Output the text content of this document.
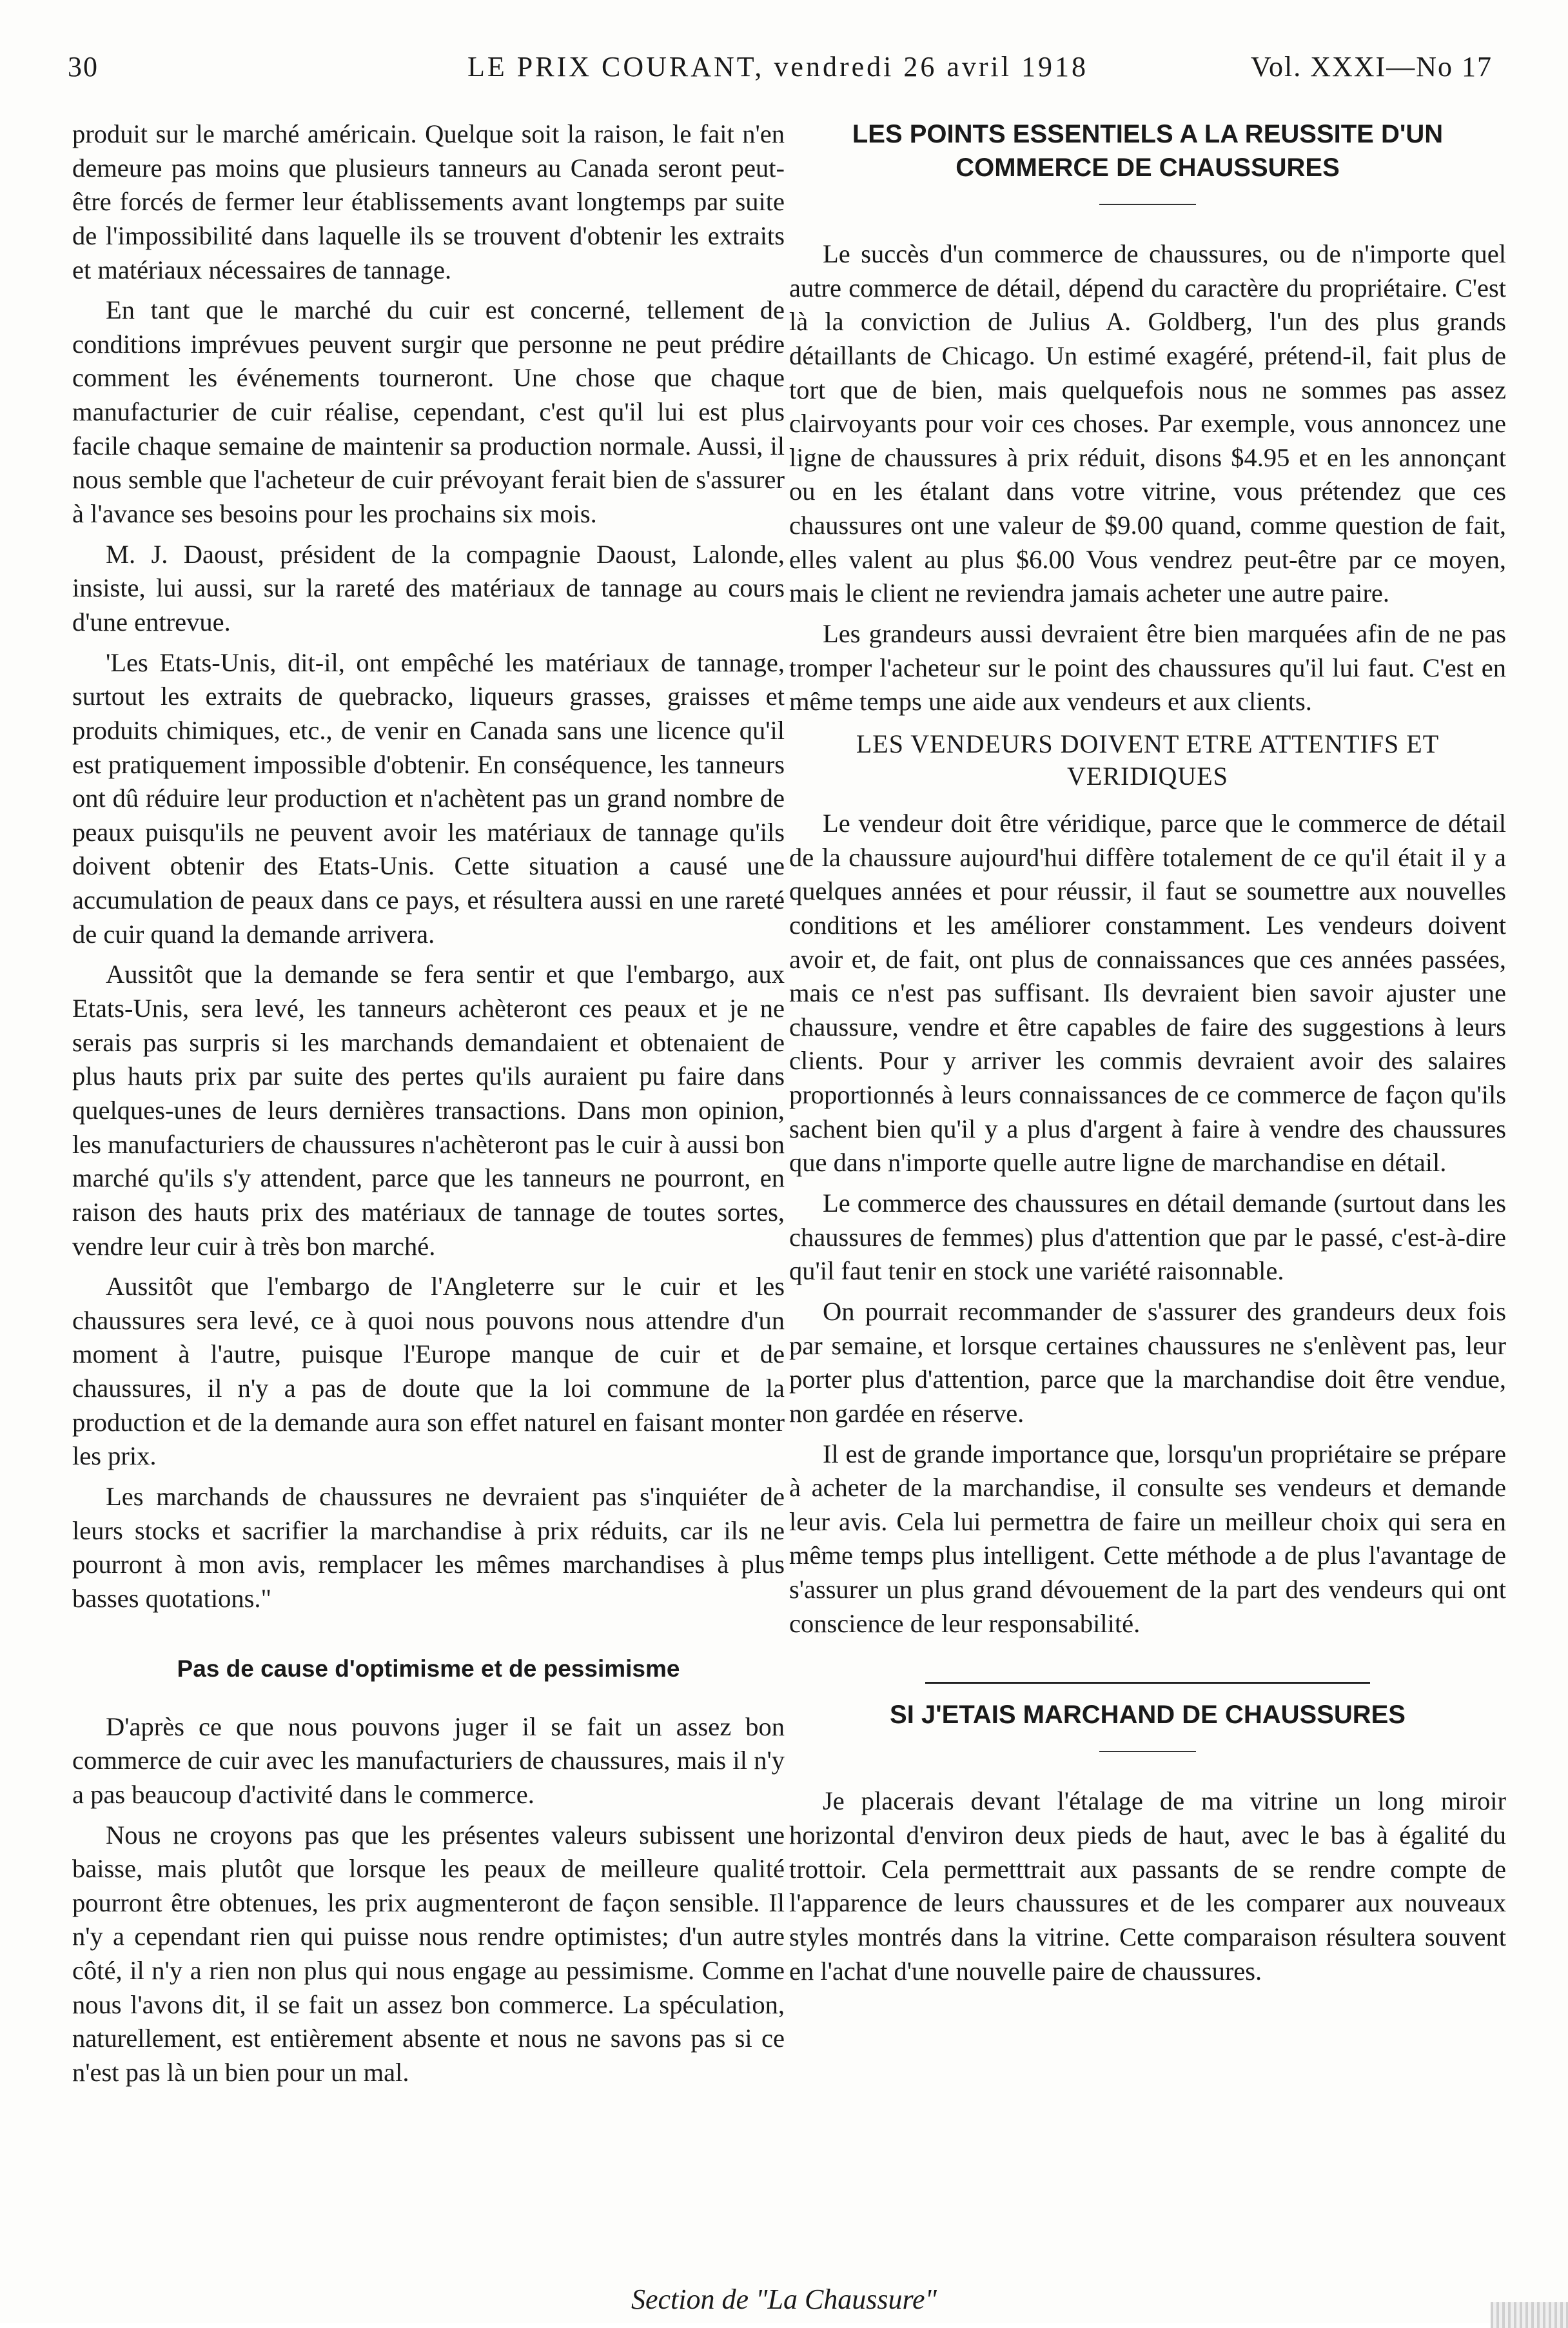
30	LE PRIX COURANT, vendredi 26 avril 1918	Vol. XXXI—No 17

produit sur le marché américain. Quelque soit la raison, le fait n'en demeure pas moins que plusieurs tanneurs au Canada seront peut-être forcés de fermer leur établissements avant longtemps par suite de l'impossibilité dans laquelle ils se trouvent d'obtenir les extraits et matériaux nécessaires de tannage.

En tant que le marché du cuir est concerné, tellement de conditions imprévues peuvent surgir que personne ne peut prédire comment les événements tourneront. Une chose que chaque manufacturier de cuir réalise, cependant, c'est qu'il lui est plus facile chaque semaine de maintenir sa production normale. Aussi, il nous semble que l'acheteur de cuir prévoyant ferait bien de s'assurer à l'avance ses besoins pour les prochains six mois.

M. J. Daoust, président de la compagnie Daoust, Lalonde, insiste, lui aussi, sur la rareté des matériaux de tannage au cours d'une entrevue.

'Les Etats-Unis, dit-il, ont empêché les matériaux de tannage, surtout les extraits de quebracko, liqueurs grasses, graisses et produits chimiques, etc., de venir en Canada sans une licence qu'il est pratiquement impossible d'obtenir. En conséquence, les tanneurs ont dû réduire leur production et n'achètent pas un grand nombre de peaux puisqu'ils ne peuvent avoir les matériaux de tannage qu'ils doivent obtenir des Etats-Unis. Cette situation a causé une accumulation de peaux dans ce pays, et résultera aussi en une rareté de cuir quand la demande arrivera.

Aussitôt que la demande se fera sentir et que l'embargo, aux Etats-Unis, sera levé, les tanneurs achèteront ces peaux et je ne serais pas surpris si les marchands demandaient et obtenaient de plus hauts prix par suite des pertes qu'ils auraient pu faire dans quelques-unes de leurs dernières transactions. Dans mon opinion, les manufacturiers de chaussures n'achèteront pas le cuir à aussi bon marché qu'ils s'y attendent, parce que les tanneurs ne pourront, en raison des hauts prix des matériaux de tannage de toutes sortes, vendre leur cuir à très bon marché.

Aussitôt que l'embargo de l'Angleterre sur le cuir et les chaussures sera levé, ce à quoi nous pouvons nous attendre d'un moment à l'autre, puisque l'Europe manque de cuir et de chaussures, il n'y a pas de doute que la loi commune de la production et de la demande aura son effet naturel en faisant monter les prix.

Les marchands de chaussures ne devraient pas s'inquiéter de leurs stocks et sacrifier la marchandise à prix réduits, car ils ne pourront à mon avis, remplacer les mêmes marchandises à plus basses quotations."

Pas de cause d'optimisme et de pessimisme

D'après ce que nous pouvons juger il se fait un assez bon commerce de cuir avec les manufacturiers de chaussures, mais il n'y a pas beaucoup d'activité dans le commerce.

Nous ne croyons pas que les présentes valeurs subissent une baisse, mais plutôt que lorsque les peaux de meilleure qualité pourront être obtenues, les prix augmenteront de façon sensible. Il n'y a cependant rien qui puisse nous rendre optimistes; d'un autre côté, il n'y a rien non plus qui nous engage au pessimisme. Comme nous l'avons dit, il se fait un assez bon commerce. La spéculation, naturellement, est entièrement absente et nous ne savons pas si ce n'est pas là un bien pour un mal.

LES POINTS ESSENTIELS A LA REUSSITE D'UN COMMERCE DE CHAUSSURES

Le succès d'un commerce de chaussures, ou de n'importe quel autre commerce de détail, dépend du caractère du propriétaire. C'est là la conviction de Julius A. Goldberg, l'un des plus grands détaillants de Chicago. Un estimé exagéré, prétend-il, fait plus de tort que de bien, mais quelquefois nous ne sommes pas assez clairvoyants pour voir ces choses. Par exemple, vous annoncez une ligne de chaussures à prix réduit, disons $4.95 et en les annonçant ou en les étalant dans votre vitrine, vous prétendez que ces chaussures ont une valeur de $9.00 quand, comme question de fait, elles valent au plus $6.00 Vous vendrez peut-être par ce moyen, mais le client ne reviendra jamais acheter une autre paire.

Les grandeurs aussi devraient être bien marquées afin de ne pas tromper l'acheteur sur le point des chaussures qu'il lui faut. C'est en même temps une aide aux vendeurs et aux clients.

LES VENDEURS DOIVENT ETRE ATTENTIFS ET VERIDIQUES

Le vendeur doit être véridique, parce que le commerce de détail de la chaussure aujourd'hui diffère totalement de ce qu'il était il y a quelques années et pour réussir, il faut se soumettre aux nouvelles conditions et les améliorer constamment. Les vendeurs doivent avoir et, de fait, ont plus de connaissances que ces années passées, mais ce n'est pas suffisant. Ils devraient bien savoir ajuster une chaussure, vendre et être capables de faire des suggestions à leurs clients. Pour y arriver les commis devraient avoir des salaires proportionnés à leurs connaissances de ce commerce de façon qu'ils sachent bien qu'il y a plus d'argent à faire à vendre des chaussures que dans n'importe quelle autre ligne de marchandise en détail.

Le commerce des chaussures en détail demande (surtout dans les chaussures de femmes) plus d'attention que par le passé, c'est-à-dire qu'il faut tenir en stock une variété raisonnable.

On pourrait recommander de s'assurer des grandeurs deux fois par semaine, et lorsque certaines chaussures ne s'enlèvent pas, leur porter plus d'attention, parce que la marchandise doit être vendue, non gardée en réserve.

Il est de grande importance que, lorsqu'un propriétaire se prépare à acheter de la marchandise, il consulte ses vendeurs et demande leur avis. Cela lui permettra de faire un meilleur choix qui sera en même temps plus intelligent. Cette méthode a de plus l'avantage de s'assurer un plus grand dévouement de la part des vendeurs qui ont conscience de leur responsabilité.

SI J'ETAIS MARCHAND DE CHAUSSURES

Je placerais devant l'étalage de ma vitrine un long miroir horizontal d'environ deux pieds de haut, avec le bas à égalité du trottoir. Cela permetttrait aux passants de se rendre compte de l'apparence de leurs chaussures et de les comparer aux nouveaux styles montrés dans la vitrine. Cette comparaison résultera souvent en l'achat d'une nouvelle paire de chaussures.

Section de "La Chaussure"
